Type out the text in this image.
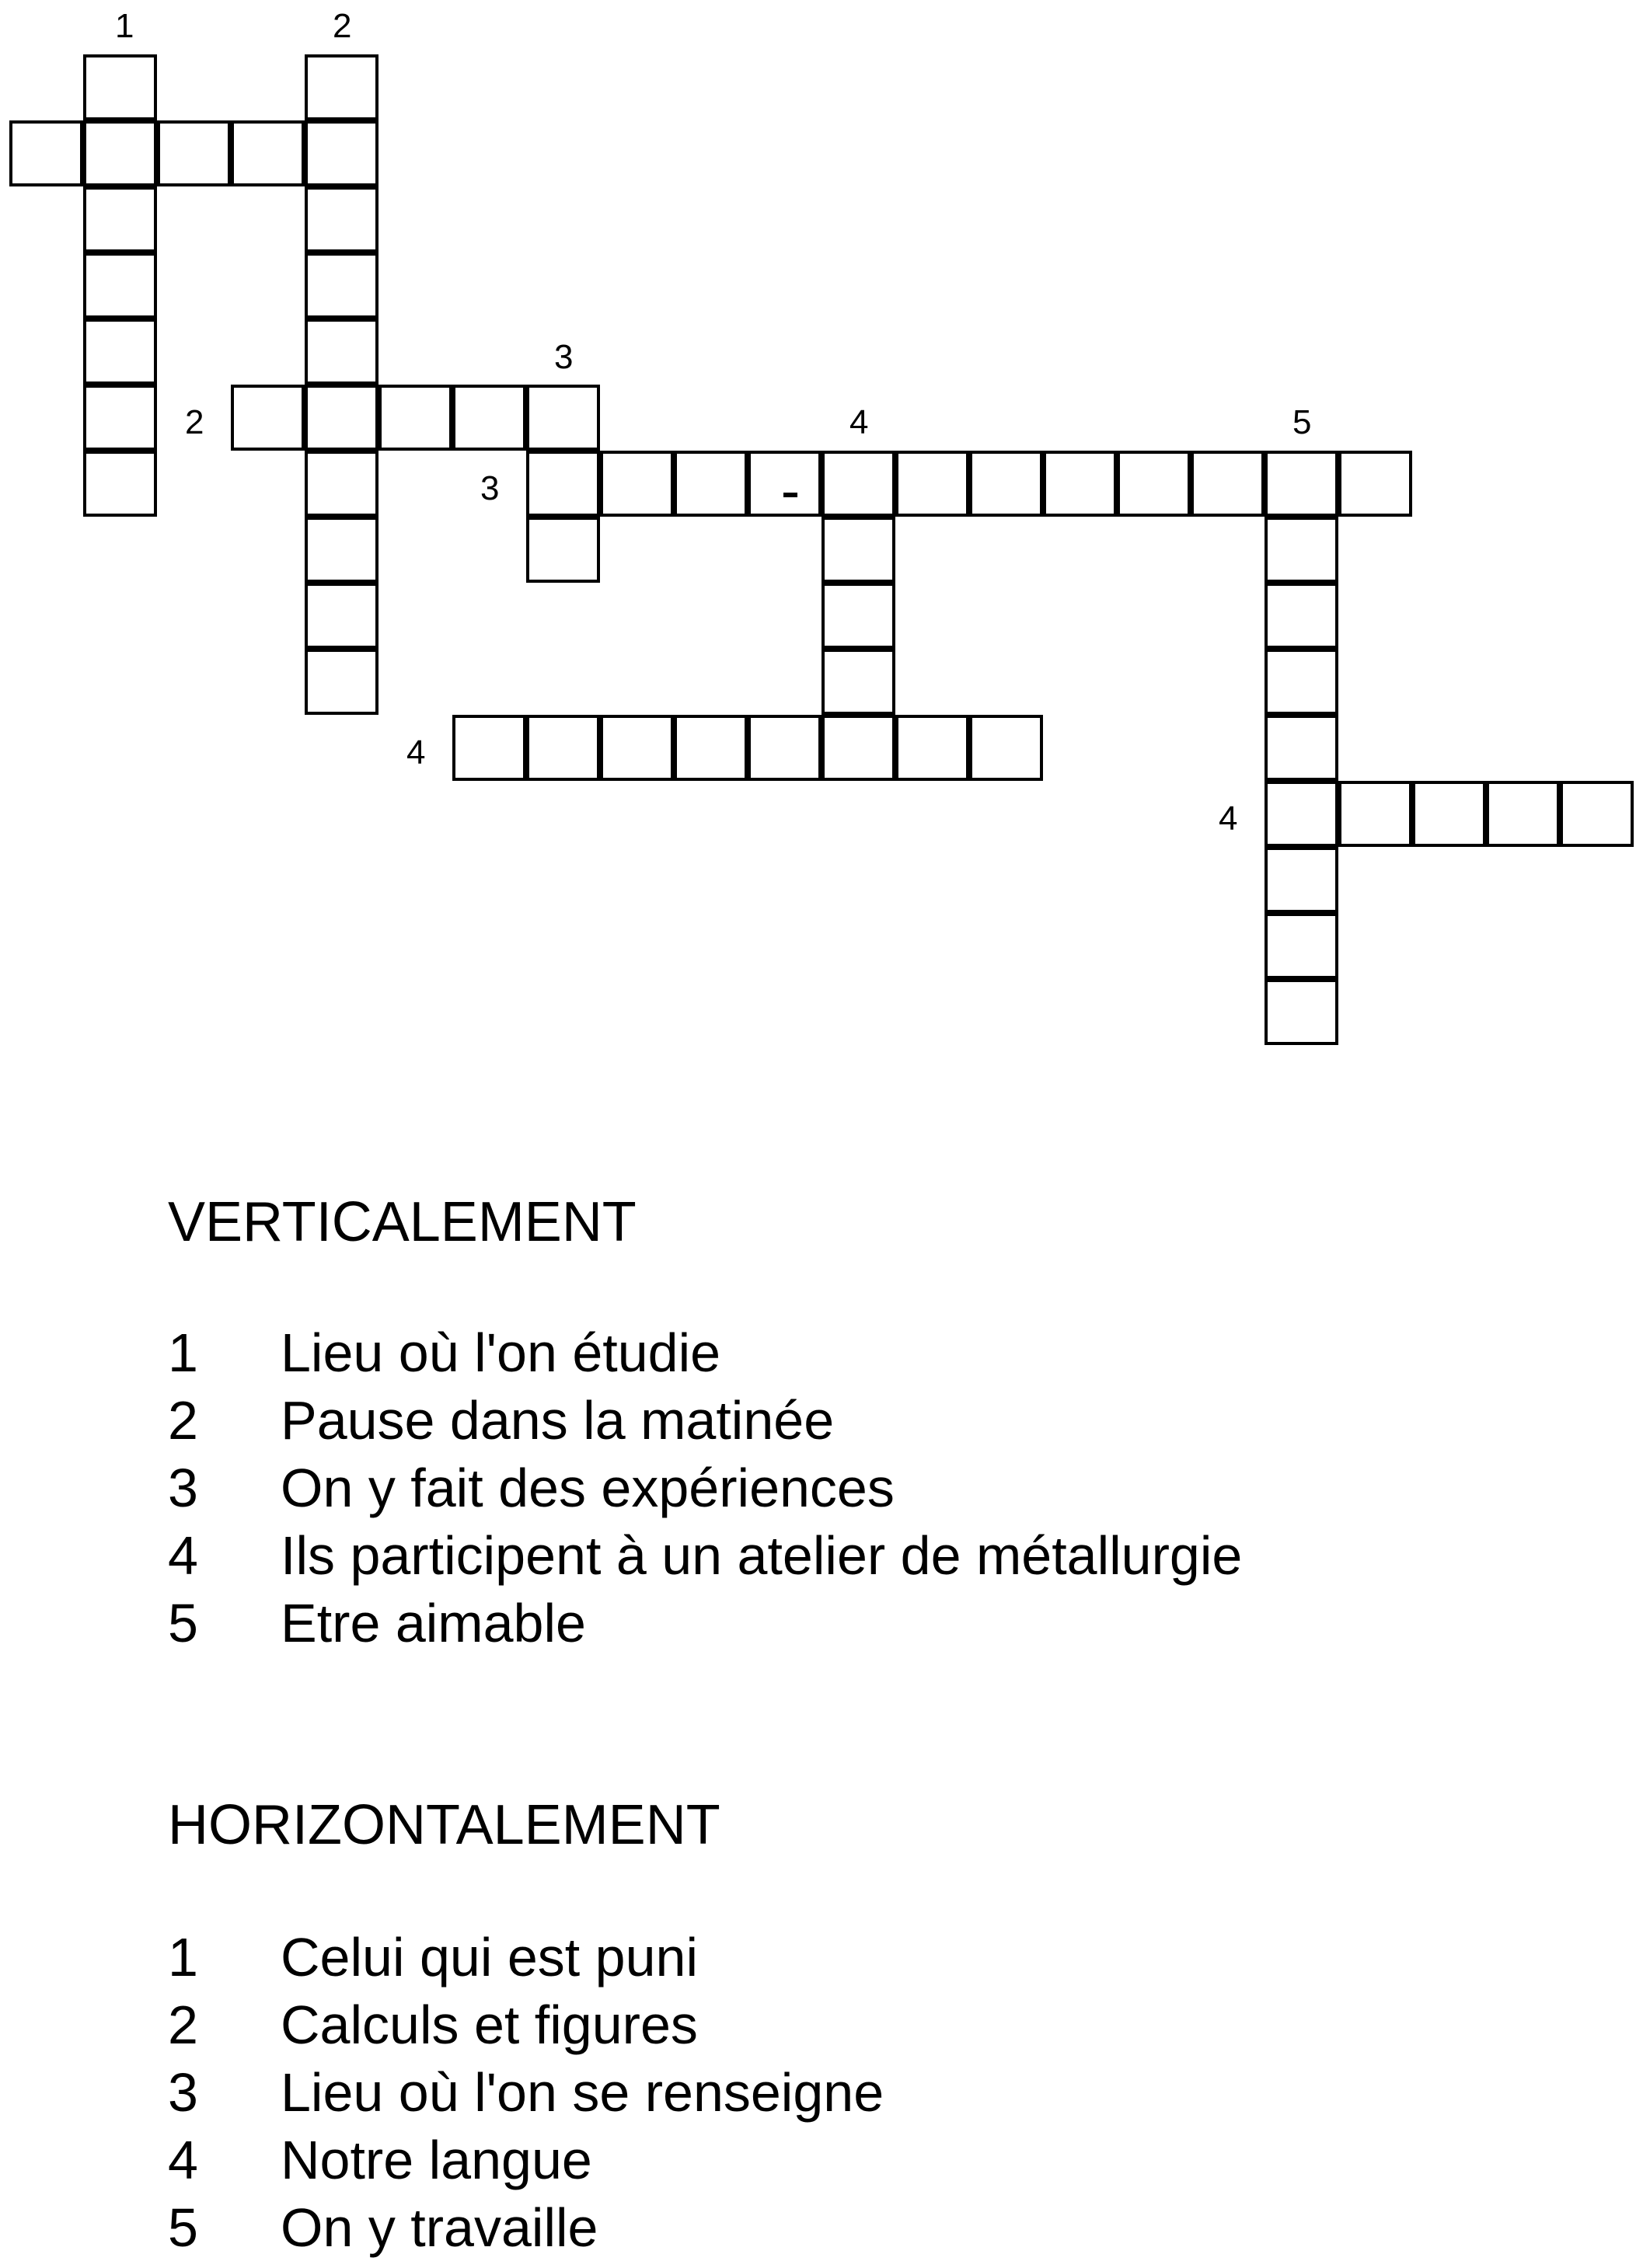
1	2
3
4	5
2
3
4
4
VERTICALEMENT
1	Lieu où l'on étudie
2	Pause dans la matinée
3	On y fait des expériences
4	Ils participent à un atelier de métallurgie
5	Etre aimable
HORIZONTALEMENT
1	Celui qui est puni
2	Calculs et figures
3	Lieu où l'on se renseigne
4	Notre langue
5	On y travaille
